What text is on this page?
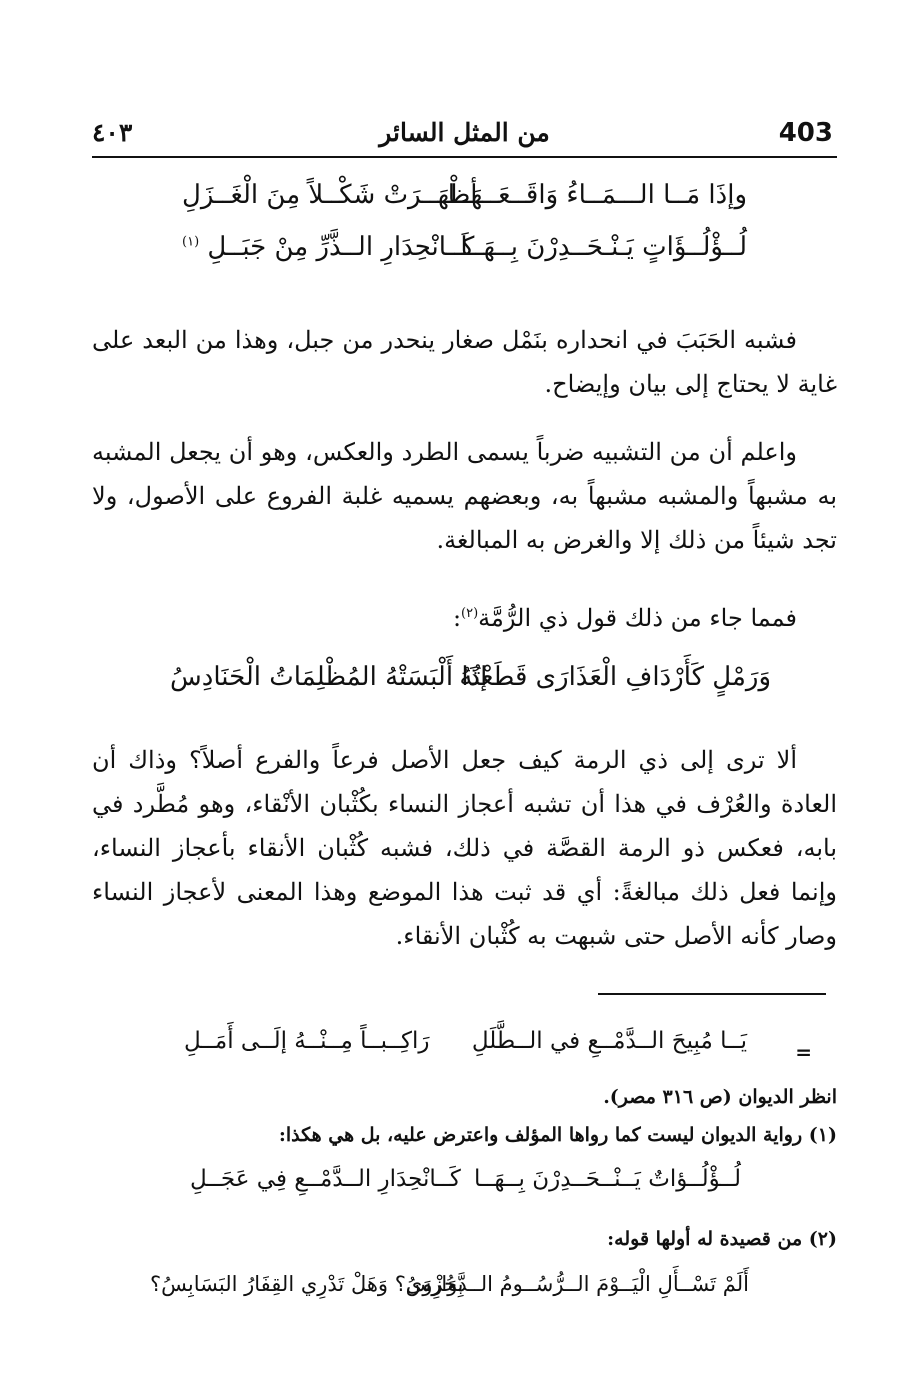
403
من المثل السائر
٤٠٣
وإذَا مَــا الـــمَــاءُ وَاقَــعَــهَــا
أظْهَــرَتْ شَكْــلاً مِنَ الْغَــزَلِ
لُــؤْلُــؤَاتٍ يَـنْـحَــدِرْنَ بِــهَــا
كَــانْحِدَارِ الــذَّرِّ مِنْ جَبَــلِ $^{(١)}$
فشبه الحَبَبَ في انحداره بنَمْل صغار ينحدر من جبل، وهذا من البعد على غاية لا يحتاج إلى بيان وإيضاح.
واعلم أن من التشبيه ضرباً يسمى الطرد والعكس، وهو أن يجعل المشبه به مشبهاً والمشبه مشبهاً به، وبعضهم يسميه غلبة الفروع على الأصول، ولا تجد شيئاً من ذلك إلا والغرض به المبالغة.
فمما جاء من ذلك قول ذي الرُّمَّة$^{(٢)}$:
وَرَمْلٍ كَأَرْدَافِ الْعَذَارَى قَطَعْتُهُ
إذَا أَلْبَسَتْهُ المُظْلِمَاتُ الْحَنَادِسُ
ألا ترى إلى ذي الرمة كيف جعل الأصل فرعاً والفرع أصلاً؟ وذاك أن العادة والعُرْف في هذا أن تشبه أعجاز النساء بكُثْبان الأنْقاء، وهو مُطَّرد في بابه، فعكس ذو الرمة القصَّة في ذلك، فشبه كُثْبان الأنقاء بأعجاز النساء، وإنما فعل ذلك مبالغةً: أي قد ثبت هذا الموضع وهذا المعنى لأعجاز النساء وصار كأنه الأصل حتى شبهت به كُثْبان الأنقاء.
=
يَــا مُبِيحَ الــدَّمْــعِ في الــطَّلَلِ
رَاكِــبــاً مِــنْــهُ إلَــى أَمَــلِ
انظر الديوان (ص ٣١٦ مصر).
(١) رواية الديوان ليست كما رواها المؤلف واعترض عليه، بل هي هكذا:
لُــؤْلُــؤاتٌ يَــنْــحَــدِرْنَ بِــهَــا
كَــانْحِدَارِ الــدَّمْــعِ فِي عَجَــلِ
(٢) من قصيدة له أولها قوله:
أَلَمْ تَسْــأَلِ الْيَــوْمَ الــرُّسُــومُ الــدَّوَارِسُ
بِحُزْوَى؟ وَهَلْ تَدْرِي القِفَارُ البَسَابِسُ؟
